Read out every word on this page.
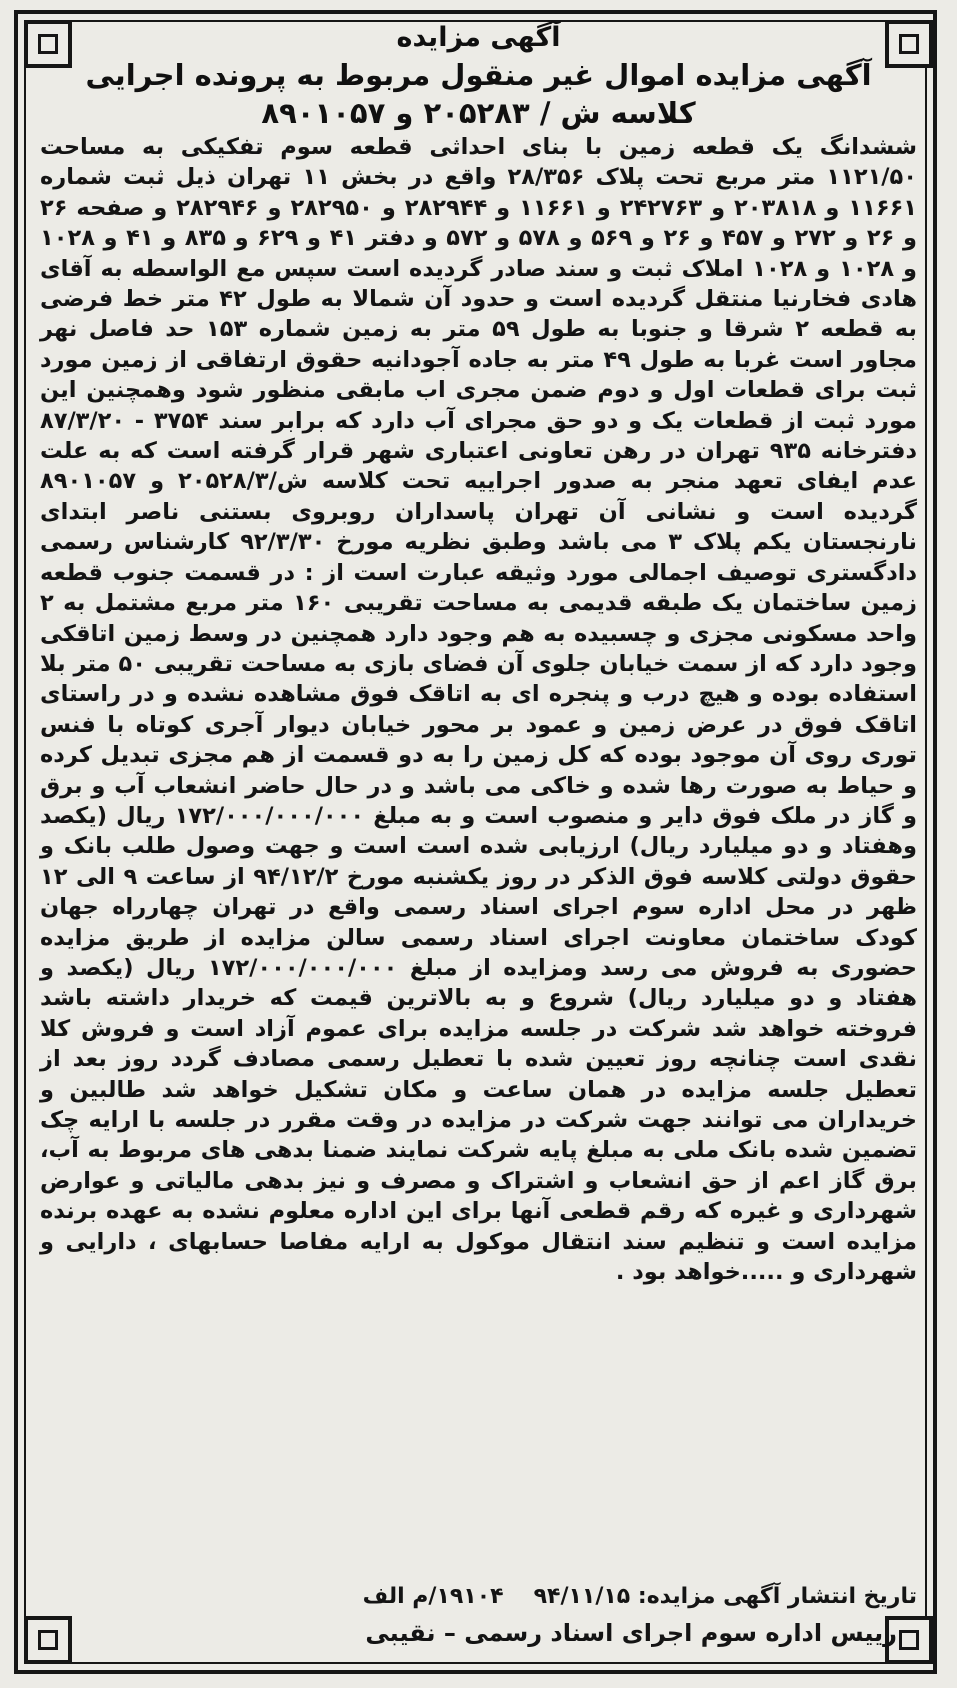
آگهی مزایده
آگهی مزایده اموال غیر منقول مربوط به پرونده اجرایی
کلاسه ش / ۲۰۵۲۸۳ و ۸۹۰۱۰۵۷
ششدانگ یک قطعه زمین با بنای احداثی قطعه سوم تفکیکی به مساحت ۱۱۲۱/۵۰ متر مربع تحت پلاک ۲۸/۳۵۶ واقع در بخش ۱۱ تهران ذیل ثبت شماره ۱۱۶۶۱ و ۲۰۳۸۱۸ و ۲۴۲۷۶۳ و ۱۱۶۶۱ و ۲۸۲۹۴۴ و ۲۸۲۹۵۰ و ۲۸۲۹۴۶ و صفحه ۲۶ و ۲۶ و ۲۷۲ و ۴۵۷ و ۲۶ و ۵۶۹ و ۵۷۸ و ۵۷۲ و دفتر ۴۱ و ۶۲۹ و ۸۳۵ و ۴۱ و ۱۰۲۸ و ۱۰۲۸ و ۱۰۲۸ املاک ثبت و سند صادر گردیده است سپس مع الواسطه به آقای هادی فخارنیا منتقل گردیده است و حدود آن شمالا به طول ۴۲ متر خط فرضی به قطعه ۲ شرقا و جنوبا به طول ۵۹ متر به زمین شماره ۱۵۳ حد فاصل نهر مجاور است غربا به طول ۴۹ متر به جاده آجودانیه حقوق ارتفاقی از زمین مورد ثبت برای قطعات اول و دوم ضمن مجری اب مابقی منظور شود وهمچنین این مورد ثبت از قطعات یک و دو حق مجرای آب دارد که برابر سند ۳۷۵۴ - ۸۷/۳/۲۰ دفترخانه ۹۳۵ تهران در رهن تعاونی اعتباری شهر قرار گرفته است که به علت عدم ایفای تعهد منجر به صدور اجراییه تحت کلاسه ش/۲۰۵۲۸/۳ و ۸۹۰۱۰۵۷ گردیده است و نشانی آن تهران پاسداران روبروی بستنی ناصر ابتدای نارنجستان یکم پلاک ۳ می باشد وطبق نظریه مورخ ۹۲/۳/۳۰ کارشناس رسمی دادگستری توصیف اجمالی مورد وثیقه عبارت است از : در قسمت جنوب قطعه زمین ساختمان یک طبقه قدیمی به مساحت تقریبی ۱۶۰ متر مربع مشتمل به ۲ واحد مسکونی مجزی و چسبیده به هم وجود دارد همچنین در وسط زمین اتاقکی وجود دارد که از سمت خیابان جلوی آن فضای بازی به مساحت تقریبی ۵۰ متر بلا استفاده بوده و هیچ درب و پنجره ای به اتاقک فوق مشاهده نشده و در راستای اتاقک فوق در عرض زمین و عمود بر محور خیابان دیوار آجری کوتاه با فنس توری روی آن موجود بوده که کل زمین را به دو قسمت از هم مجزی تبدیل کرده و حیاط به صورت رها شده و خاکی می باشد و در حال حاضر انشعاب آب و برق و گاز در ملک فوق دایر و منصوب است و به مبلغ ۱۷۲/۰۰۰/۰۰۰/۰۰۰ ریال (یکصد وهفتاد و دو میلیارد ریال) ارزیابی شده است است و جهت وصول طلب بانک و حقوق دولتی کلاسه فوق الذکر در روز یکشنبه مورخ ۹۴/۱۲/۲ از ساعت ۹ الی ۱۲ ظهر در محل اداره سوم اجرای اسناد رسمی واقع در تهران چهارراه جهان کودک ساختمان معاونت اجرای اسناد رسمی سالن مزایده از طریق مزایده حضوری به فروش می رسد ومزایده از مبلغ ۱۷۲/۰۰۰/۰۰۰/۰۰۰ ریال (یکصد و هفتاد و دو میلیارد ریال) شروع و به بالاترین قیمت که خریدار داشته باشد فروخته خواهد شد شرکت در جلسه مزایده برای عموم آزاد است و فروش کلا نقدی است چنانچه روز تعیین شده با تعطیل رسمی مصادف گردد روز بعد از تعطیل جلسه مزایده در همان ساعت و مکان تشکیل خواهد شد طالبین و خریداران می توانند جهت شرکت در مزایده در وقت مقرر در جلسه با ارایه چک تضمین شده بانک ملی به مبلغ پایه شرکت نمایند ضمنا بدهی های مربوط به آب، برق گاز اعم از حق انشعاب و اشتراک و مصرف و نیز بدهی مالیاتی و عوارض شهرداری و غیره که رقم قطعی آنها برای این اداره معلوم نشده به عهده برنده مزایده است و تنظیم سند انتقال موکول به ارایه مفاصا حسابهای ، دارایی و شهرداری و .....خواهد بود .
تاریخ انتشار آگهی مزایده: ۹۴/۱۱/۱۵۱۹۱۰۴/م الف
رییس اداره سوم اجرای اسناد رسمی – نقیبی
